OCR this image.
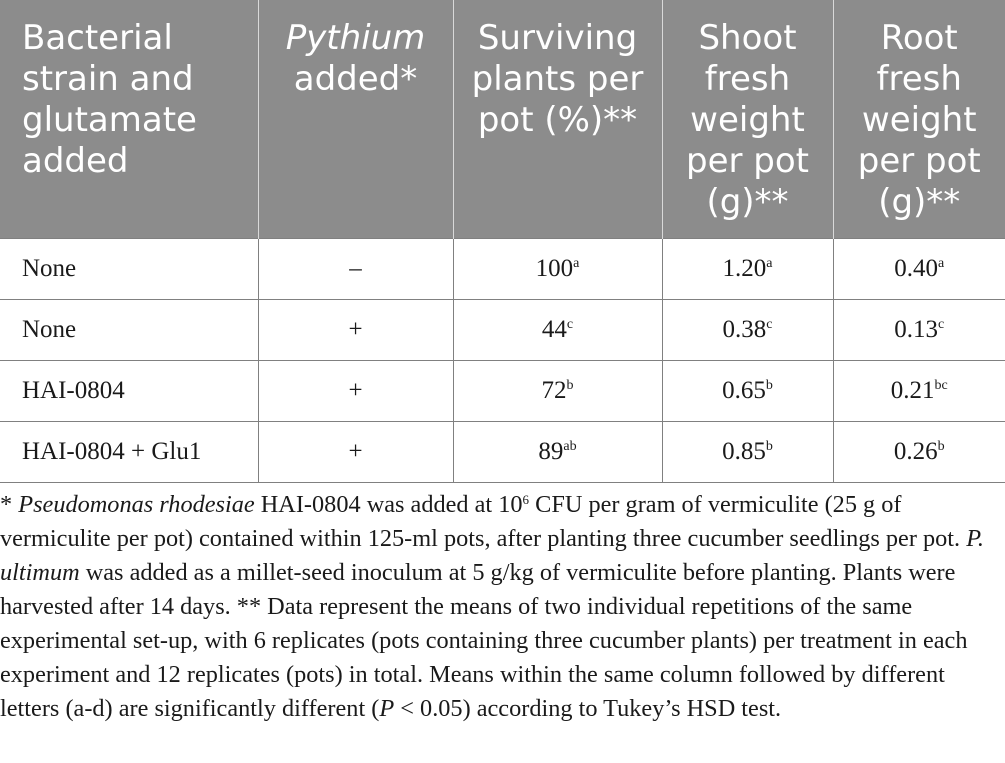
Bacterial strain and glutamate added	Pythium added*	Surviving plants per pot (%)**	Shoot fresh weight per pot (g)**	Root fresh weight per pot (g)**
None	–	100$^a$	1.20$^a$	0.40$^a$
None	+	$44^c$	0.38$^c$	0.13$^c$
HAI-0804	+	$72^b$	0.65$^b$	0.21$^{bc}$
HAI-0804 + Glu1	+	$89^{ab}$	0.85$^b$	0.26$^b$

* Pseudomonas rhodesiae HAI-0804 was added at $10^6$ CFU per gram of vermiculite (25 g of vermiculite per pot) contained within 125-ml pots, after planting three cucumber seedlings per pot. P. ultimum was added as a millet-seed inoculum at 5 g/kg of vermiculite before planting. Plants were harvested after 14 days. ** Data represent the means of two individual repetitions of the same experimental set-up, with 6 replicates (pots containing three cucumber plants) per treatment in each experiment and 12 replicates (pots) in total. Means within the same column followed by different letters (a-d) are significantly different (P < 0.05) according to Tukey’s HSD test.
